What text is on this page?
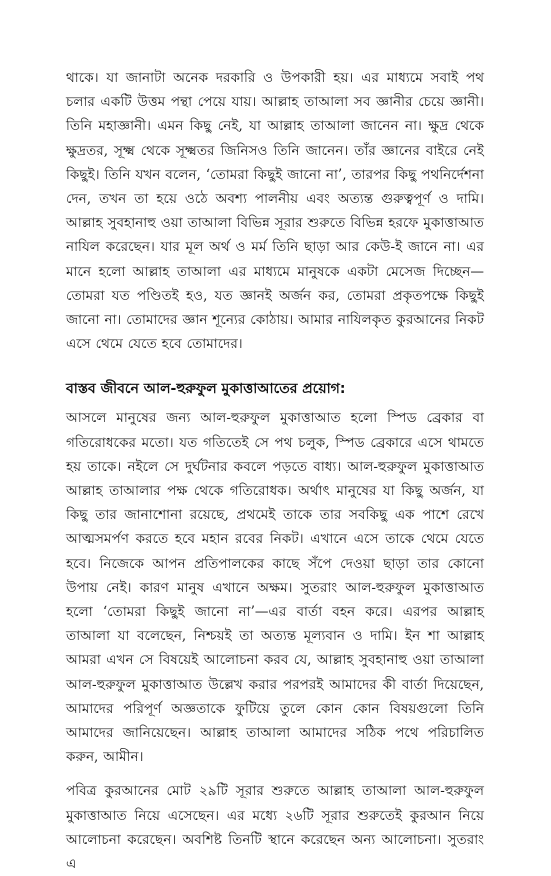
থাকে। যা জানাটা অনেক দরকারি ও উপকারী হয়। এর মাধ্যমে সবাই পথ চলার একটি উত্তম পন্থা পেয়ে যায়। আল্লাহ তাআলা সব জ্ঞানীর চেয়ে জ্ঞানী। তিনি মহাজ্ঞানী। এমন কিছু নেই, যা আল্লাহ তাআলা জানেন না। ক্ষুদ্র থেকে ক্ষুদ্রতর, সূক্ষ্ম থেকে সূক্ষ্মতর জিনিসও তিনি জানেন। তাঁর জ্ঞানের বাইরে নেই কিছুই। তিনি যখন বলেন, ‘তোমরা কিছুই জানো না’, তারপর কিছু পথনির্দেশনা দেন, তখন তা হয়ে ওঠে অবশ্য পালনীয় এবং অত্যন্ত গুরুত্বপূর্ণ ও দামি। আল্লাহ সুবহানাহু ওয়া তাআলা বিভিন্ন সূরার শুরুতে বিভিন্ন হরফে মুকাত্তাআত নাযিল করেছেন। যার মূল অর্থ ও মর্ম তিনি ছাড়া আর কেউ-ই জানে না। এর মানে হলো আল্লাহ তাআলা এর মাধ্যমে মানুষকে একটা মেসেজ দিচ্ছেন—তোমরা যত পণ্ডিতই হও, যত জ্ঞানই অর্জন কর, তোমরা প্রকৃতপক্ষে কিছুই জানো না। তোমাদের জ্ঞান শূন্যের কোঠায়। আমার নাযিলকৃত কুরআনের নিকট এসে থেমে যেতে হবে তোমাদের।

বাস্তব জীবনে আল-হুরুফুল মুকাত্তাআতের প্রয়োগ:

আসলে মানুষের জন্য আল-হুরুফুল মুকাত্তাআত হলো স্পিড ব্রেকার বা গতিরোধকের মতো। যত গতিতেই সে পথ চলুক, স্পিড ব্রেকারে এসে থামতে হয় তাকে। নইলে সে দুর্ঘটনার কবলে পড়তে বাধ্য। আল-হুরুফুল মুকাত্তাআত আল্লাহ তাআলার পক্ষ থেকে গতিরোধক। অর্থাৎ মানুষের যা কিছু অর্জন, যা কিছু তার জানাশোনা রয়েছে, প্রথমেই তাকে তার সবকিছু এক পাশে রেখে আত্মসমর্পণ করতে হবে মহান রবের নিকট। এখানে এসে তাকে থেমে যেতে হবে। নিজেকে আপন প্রতিপালকের কাছে সঁপে দেওয়া ছাড়া তার কোনো উপায় নেই। কারণ মানুষ এখানে অক্ষম। সুতরাং আল-হুরুফুল মুকাত্তাআত হলো ‘তোমরা কিছুই জানো না’—এর বার্তা বহন করে। এরপর আল্লাহ তাআলা যা বলেছেন, নিশ্চয়ই তা অত্যন্ত মূল্যবান ও দামি। ইন শা আল্লাহ আমরা এখন সে বিষয়েই আলোচনা করব যে, আল্লাহ সুবহানাহু ওয়া তাআলা আল-হুরুফুল মুকাত্তাআত উল্লেখ করার পরপরই আমাদের কী বার্তা দিয়েছেন, আমাদের পরিপূর্ণ অজ্ঞতাকে ফুটিয়ে তুলে কোন কোন বিষয়গুলো তিনি আমাদের জানিয়েছেন। আল্লাহ তাআলা আমাদের সঠিক পথে পরিচালিত করুন, আমীন।

পবিত্র কুরআনের মোট ২৯টি সূরার শুরুতে আল্লাহ তাআলা আল-হুরুফুল মুকাত্তাআত নিয়ে এসেছেন। এর মধ্যে ২৬টি সূরার শুরুতেই কুরআন নিয়ে আলোচনা করেছেন। অবশিষ্ট তিনটি স্থানে করেছেন অন্য আলোচনা। সুতরাং এ
